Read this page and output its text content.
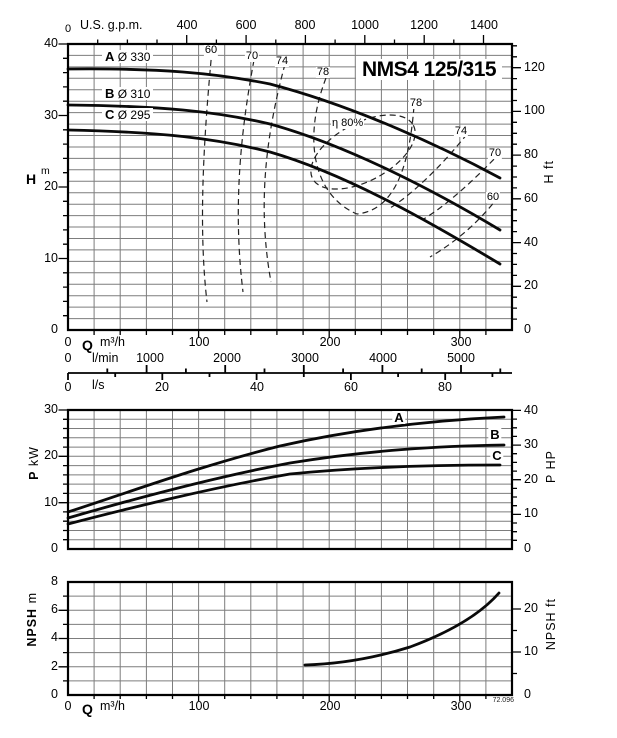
0 U.S. g.p.m.	400	600	800	1000 1200	1400
40
30
20
10
0
H m
120
100
80
60
40
20
0
H ft
NMS4 125/315
A Ø 330
B Ø 310
C Ø 295
60	70 74
78
78
74
70
60
η 80%
0 Q m³/h	100	200	300
0 l/min 1000	2000	3000	4000	5000
0 l/s	20	40	60	80
30
20
10
0
P kW
40
30
20
10
0
P HP
A
B
C
8
6
4
2
0
NPSH m
20
10
0
NPSH ft
0 Q m³/h	100	200	300	72.096
